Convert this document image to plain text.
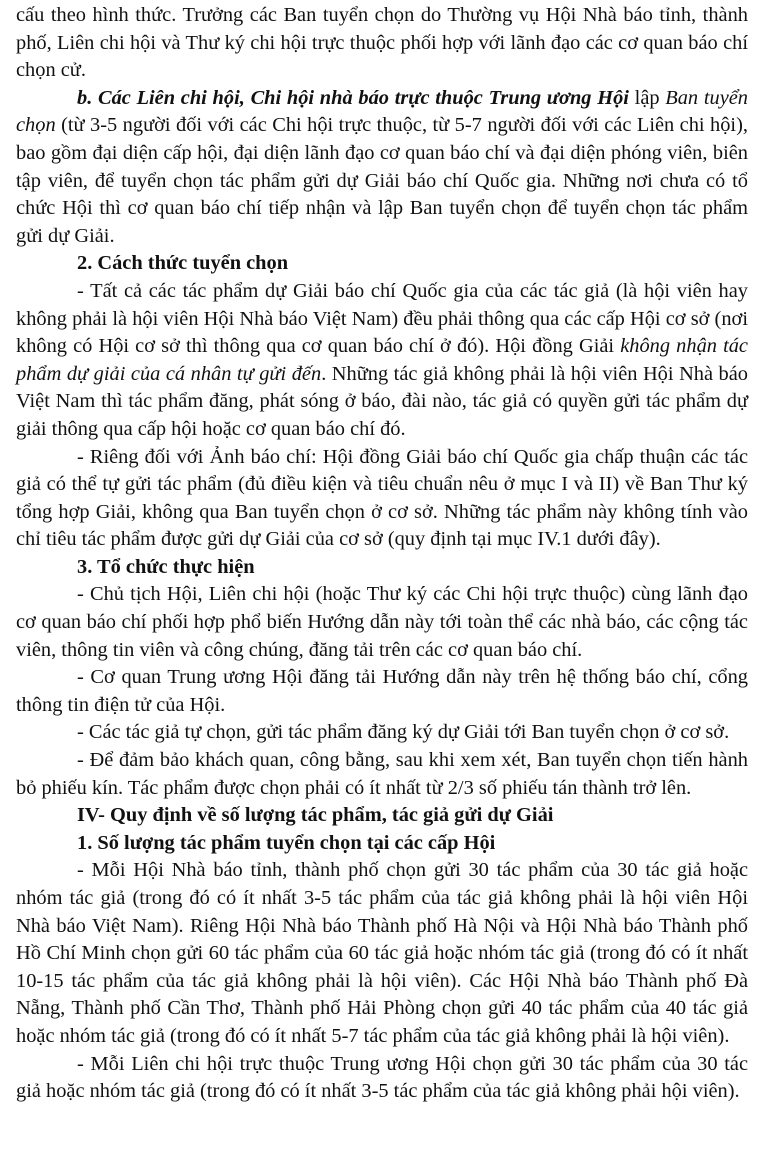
cấu theo hình thức. Trưởng các Ban tuyển chọn do Thường vụ Hội Nhà báo tỉnh, thành phố, Liên chi hội và Thư ký chi hội trực thuộc phối hợp với lãnh đạo các cơ quan báo chí chọn cử.

b. Các Liên chi hội, Chi hội nhà báo trực thuộc Trung ương Hội lập Ban tuyển chọn (từ 3-5 người đối với các Chi hội trực thuộc, từ 5-7 người đối với các Liên chi hội), bao gồm đại diện cấp hội, đại diện lãnh đạo cơ quan báo chí và đại diện phóng viên, biên tập viên, để tuyển chọn tác phẩm gửi dự Giải báo chí Quốc gia. Những nơi chưa có tổ chức Hội thì cơ quan báo chí tiếp nhận và lập Ban tuyển chọn để tuyển chọn tác phẩm gửi dự Giải.

2. Cách thức tuyển chọn

- Tất cả các tác phẩm dự Giải báo chí Quốc gia của các tác giả (là hội viên hay không phải là hội viên Hội Nhà báo Việt Nam) đều phải thông qua các cấp Hội cơ sở (nơi không có Hội cơ sở thì thông qua cơ quan báo chí ở đó). Hội đồng Giải không nhận tác phẩm dự giải của cá nhân tự gửi đến. Những tác giả không phải là hội viên Hội Nhà báo Việt Nam thì tác phẩm đăng, phát sóng ở báo, đài nào, tác giả có quyền gửi tác phẩm dự giải thông qua cấp hội hoặc cơ quan báo chí đó.

- Riêng đối với Ảnh báo chí: Hội đồng Giải báo chí Quốc gia chấp thuận các tác giả có thể tự gửi tác phẩm (đủ điều kiện và tiêu chuẩn nêu ở mục I và II) về Ban Thư ký tổng hợp Giải, không qua Ban tuyển chọn ở cơ sở. Những tác phẩm này không tính vào chỉ tiêu tác phẩm được gửi dự Giải của cơ sở (quy định tại mục IV.1 dưới đây).

3. Tổ chức thực hiện

- Chủ tịch Hội, Liên chi hội (hoặc Thư ký các Chi hội trực thuộc) cùng lãnh đạo cơ quan báo chí phối hợp phổ biến Hướng dẫn này tới toàn thể các nhà báo, các cộng tác viên, thông tin viên và công chúng, đăng tải trên các cơ quan báo chí.

- Cơ quan Trung ương Hội đăng tải Hướng dẫn này trên hệ thống báo chí, cổng thông tin điện tử của Hội.

- Các tác giả tự chọn, gửi tác phẩm đăng ký dự Giải tới Ban tuyển chọn ở cơ sở.

- Để đảm bảo khách quan, công bằng, sau khi xem xét, Ban tuyển chọn tiến hành bỏ phiếu kín. Tác phẩm được chọn phải có ít nhất từ 2/3 số phiếu tán thành trở lên.

IV- Quy định về số lượng tác phẩm, tác giả gửi dự Giải

1. Số lượng tác phẩm tuyển chọn tại các cấp Hội

- Mỗi Hội Nhà báo tỉnh, thành phố chọn gửi 30 tác phẩm của 30 tác giả hoặc nhóm tác giả (trong đó có ít nhất 3-5 tác phẩm của tác giả không phải là hội viên Hội Nhà báo Việt Nam). Riêng Hội Nhà báo Thành phố Hà Nội và Hội Nhà báo Thành phố Hồ Chí Minh chọn gửi 60 tác phẩm của 60 tác giả hoặc nhóm tác giả (trong đó có ít nhất 10-15 tác phẩm của tác giả không phải là hội viên). Các Hội Nhà báo Thành phố Đà Nẵng, Thành phố Cần Thơ, Thành phố Hải Phòng chọn gửi 40 tác phẩm của 40 tác giả hoặc nhóm tác giả (trong đó có ít nhất 5-7 tác phẩm của tác giả không phải là hội viên).

- Mỗi Liên chi hội trực thuộc Trung ương Hội chọn gửi 30 tác phẩm của 30 tác giả hoặc nhóm tác giả (trong đó có ít nhất 3-5 tác phẩm của tác giả không phải hội viên).
